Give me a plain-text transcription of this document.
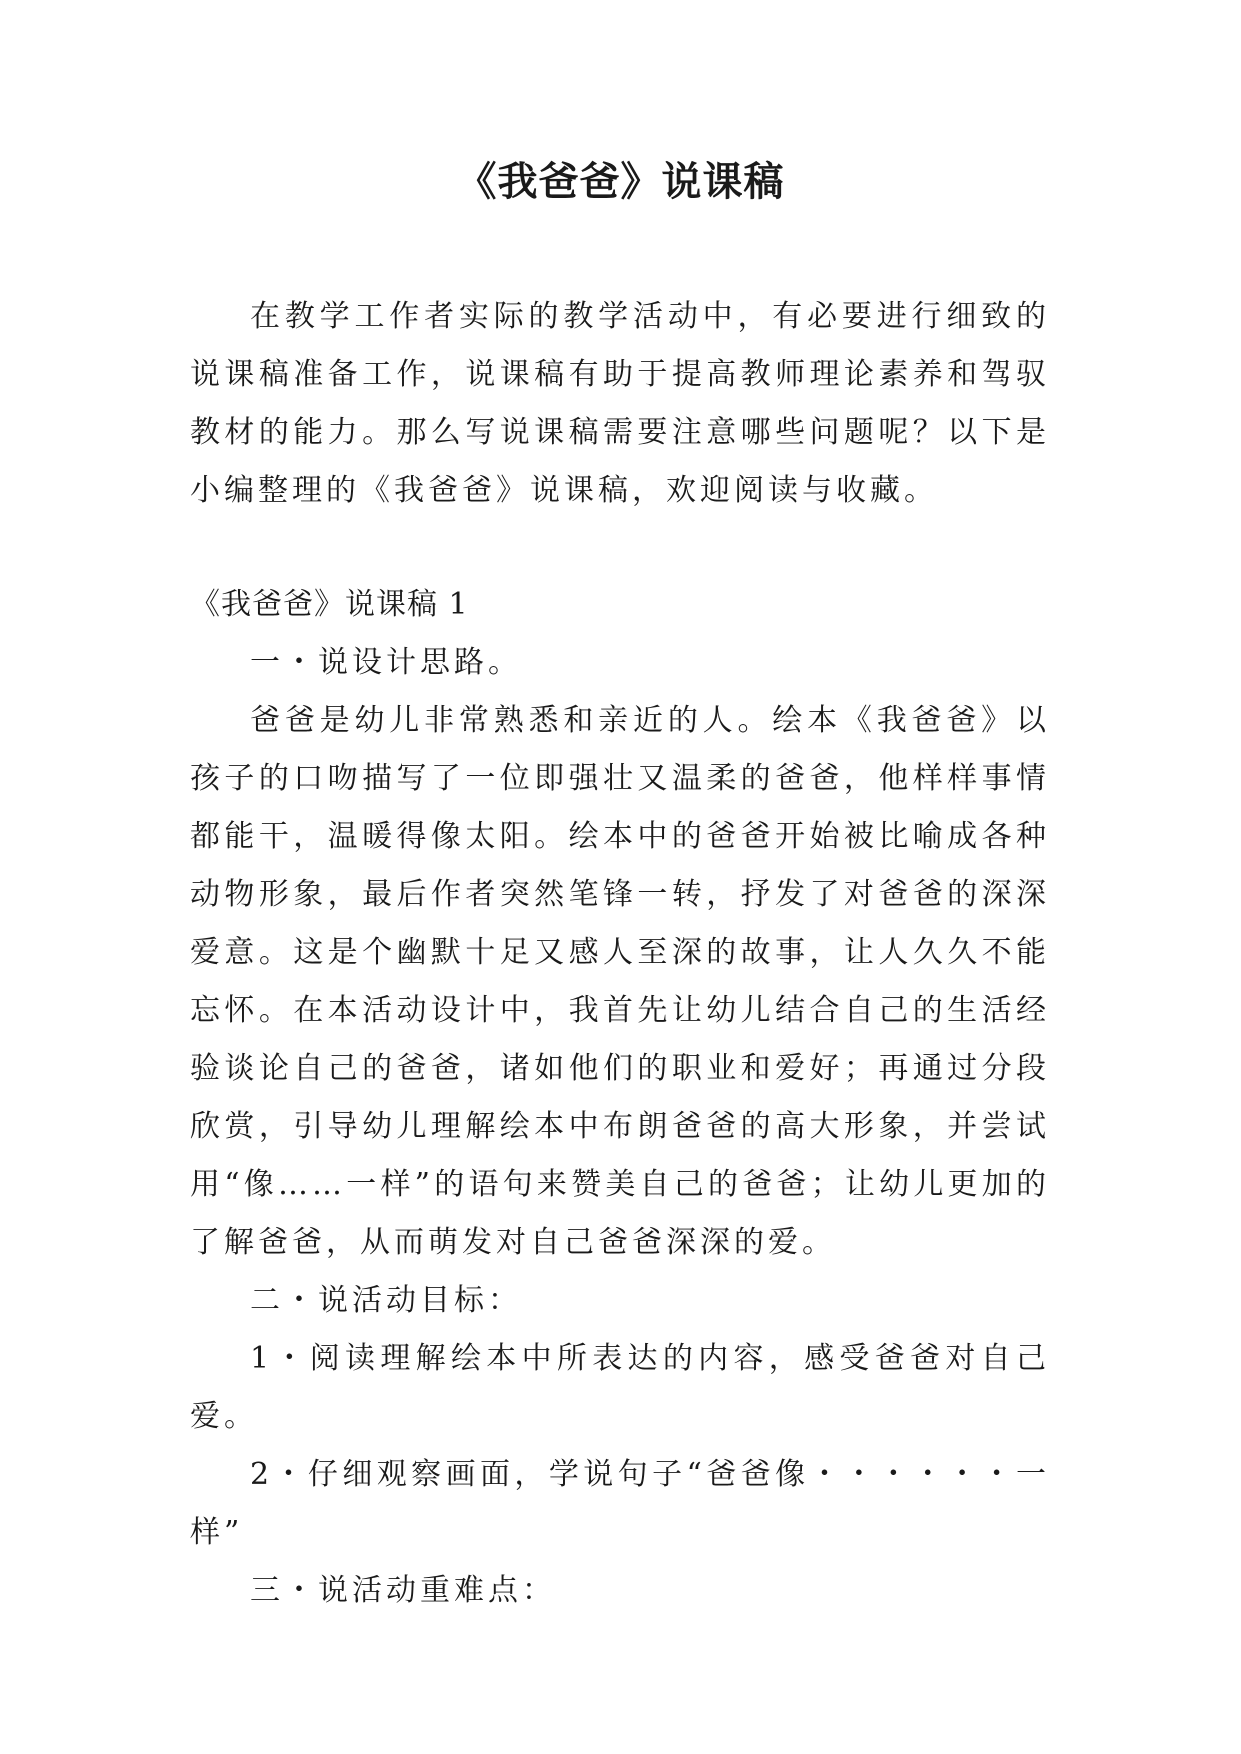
《我爸爸》说课稿

在教学工作者实际的教学活动中，有必要进行细致的说课稿准备工作，说课稿有助于提高教师理论素养和驾驭教材的能力。那么写说课稿需要注意哪些问题呢？以下是小编整理的《我爸爸》说课稿，欢迎阅读与收藏。

《我爸爸》说课稿 1

一・说设计思路。

爸爸是幼儿非常熟悉和亲近的人。绘本《我爸爸》以孩子的口吻描写了一位即强壮又温柔的爸爸，他样样事情都能干，温暖得像太阳。绘本中的爸爸开始被比喻成各种动物形象，最后作者突然笔锋一转，抒发了对爸爸的深深爱意。这是个幽默十足又感人至深的故事，让人久久不能忘怀。在本活动设计中，我首先让幼儿结合自己的生活经验谈论自己的爸爸，诸如他们的职业和爱好；再通过分段欣赏，引导幼儿理解绘本中布朗爸爸的高大形象，并尝试用“像……一样”的语句来赞美自己的爸爸；让幼儿更加的了解爸爸，从而萌发对自己爸爸深深的爱。

二・说活动目标：

1・阅读理解绘本中所表达的内容，感受爸爸对自己爱。

2・仔细观察画面，学说句子“爸爸像・・・・・・一样”

三・说活动重难点：
